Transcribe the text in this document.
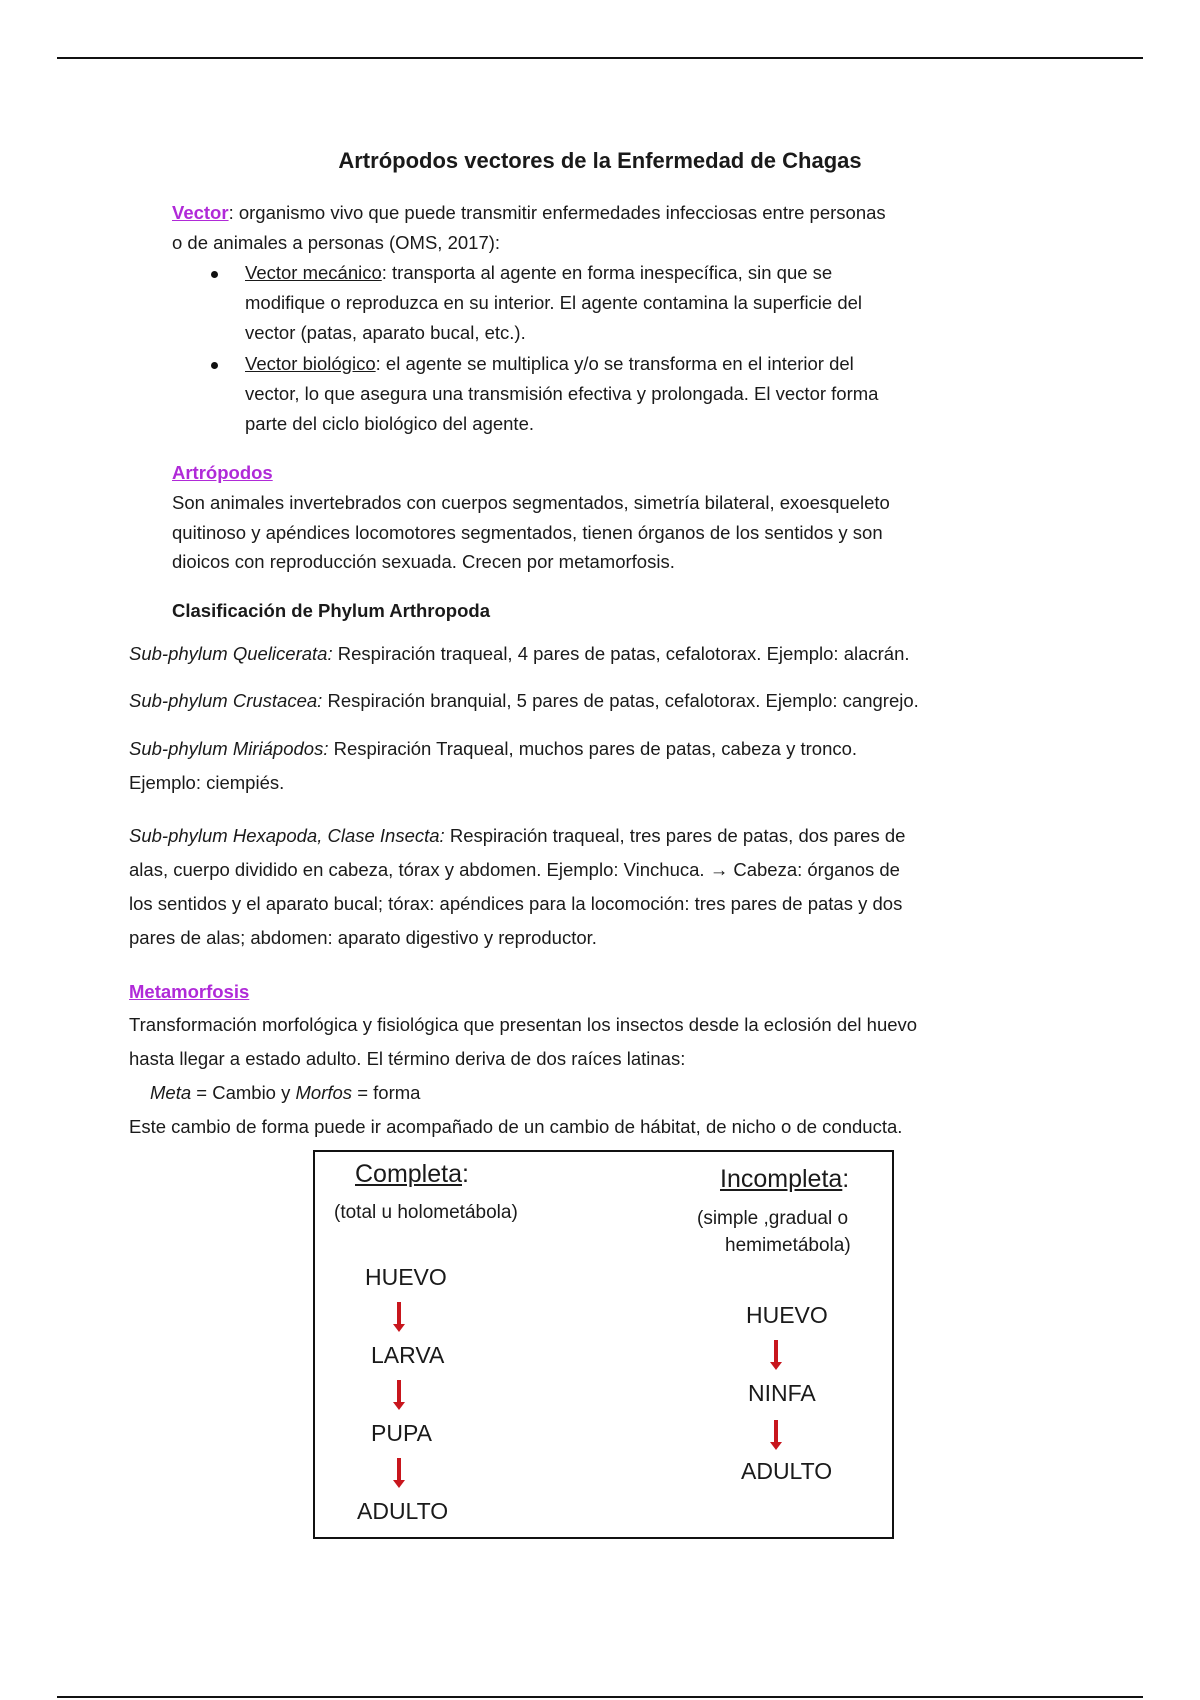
Artrópodos vectores de la Enfermedad de Chagas
Vector: organismo vivo que puede transmitir enfermedades infecciosas entre personas
o de animales a personas (OMS, 2017):
Vector mecánico: transporta al agente en forma inespecífica, sin que se
modifique o reproduzca en su interior. El agente contamina la superficie del
vector (patas, aparato bucal, etc.).
Vector biológico: el agente se multiplica y/o se transforma en el interior del
vector, lo que asegura una transmisión efectiva y prolongada. El vector forma
parte del ciclo biológico del agente.
Artrópodos
Son animales invertebrados con cuerpos segmentados, simetría bilateral, exoesqueleto
quitinoso y apéndices locomotores segmentados, tienen órganos de los sentidos y son
dioicos con reproducción sexuada. Crecen por metamorfosis.
Clasificación de Phylum Arthropoda
Sub-phylum Quelicerata: Respiración traqueal, 4 pares de patas, cefalotorax. Ejemplo: alacrán.
Sub-phylum Crustacea: Respiración branquial, 5 pares de patas, cefalotorax. Ejemplo: cangrejo.
Sub-phylum Miriápodos: Respiración Traqueal, muchos pares de patas, cabeza y tronco.
Ejemplo: ciempiés.
Sub-phylum Hexapoda, Clase Insecta: Respiración traqueal, tres pares de patas, dos pares de
alas, cuerpo dividido en cabeza, tórax y abdomen. Ejemplo: Vinchuca. → Cabeza: órganos de
los sentidos y el aparato bucal; tórax: apéndices para la locomoción: tres pares de patas y dos
pares de alas; abdomen: aparato digestivo y reproductor.
Metamorfosis
Transformación morfológica y fisiológica que presentan los insectos desde la eclosión del huevo
hasta llegar a estado adulto. El término deriva de dos raíces latinas:
Meta = Cambio y Morfos = forma
Este cambio de forma puede ir acompañado de un cambio de hábitat, de nicho o de conducta.
Completa:
(total u holometábola)
HUEVO
LARVA
PUPA
ADULTO
Incompleta:
(simple ,gradual o
hemimetábola)
HUEVO
NINFA
ADULTO
